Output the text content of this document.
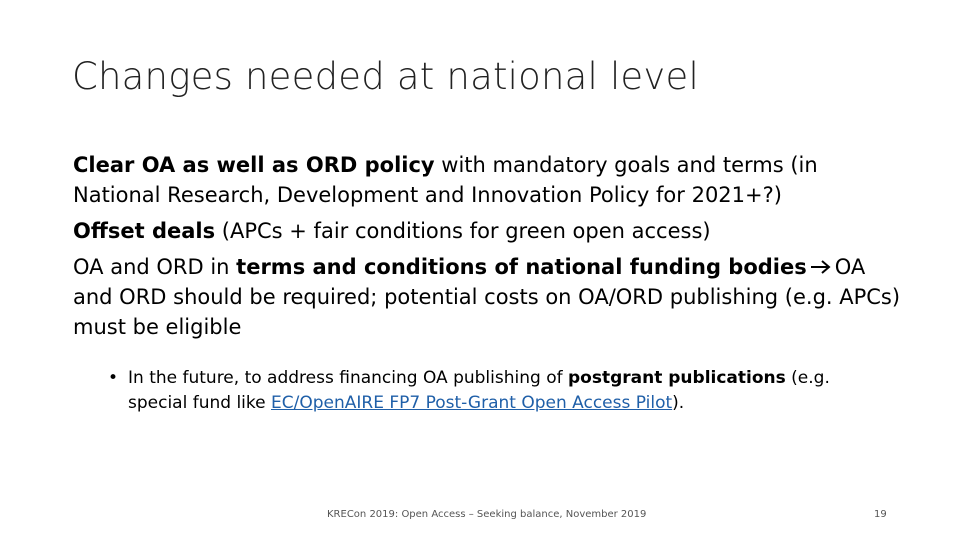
Changes needed at national level

Clear OA as well as ORD policy with mandatory goals and terms (in National Research, Development and Innovation Policy for 2021+?)

Offset deals (APCs + fair conditions for green open access)

OA and ORD in terms and conditions of national funding bodies OA and ORD should be required; potential costs on OA/ORD publishing (e.g. APCs) must be eligible

• In the future, to address financing OA publishing of postgrant publications (e.g. special fund like EC/OpenAIRE FP7 Post-Grant Open Access Pilot).
KRECon 2019: Open Access – Seeking balance, November 2019	19
